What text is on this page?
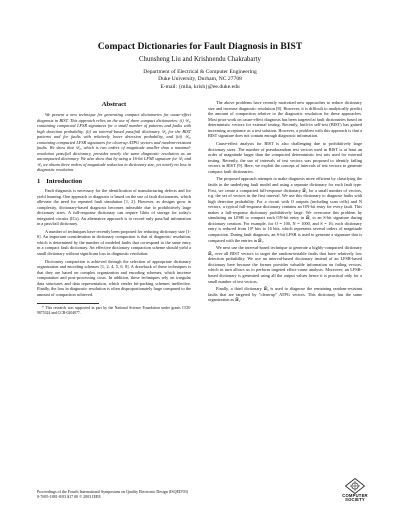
Compact Dictionaries for Fault Diagnosis in BIST
Chunsheng Liu and Krishnendu Chakrabarty
Department of Electrical & Computer Engineering
Duke University, Durham, NC 27708
E-mail: {mlia, krish}@ee.duke.edu
Abstract

We present a new technique for generating compact dictionaries for cause-effect diagnosis in BIST. This approach relies on the use of three compact dictionaries: (i) 𝒟₁, containing compacted LFSR signatures for a small number of patterns and faults with high detection probability, (ii) an interval-based pass/fail dictionary 𝒟₂ for the BIST patterns and for faults with relatively lower detection probability, and (iii) 𝒟₃, containing compacted LFSR signatures for clean-up ATPG vectors and random-resistant faults. We show that 𝒟₂, which is two orders of magnitude smaller than a maximal-resolution pass/fail dictionary, provides nearly the same diagnostic resolution as an uncompacted dictionary. We also show that by using a 16-bit LFSR signature for 𝒟₁ and 𝒟₃ we obtain three orders of magnitude reduction in dictionary size, yet nearly no loss in diagnostic resolution.

1 Introduction

Fault diagnosis is necessary for the identification of manufacturing defects and for yield learning. One approach to diagnosis is based on the use of fault dictionaries, which alleviate the need for repeated fault simulation [1, 2]. However, as designs grow in complexity, dictionary-based diagnosis becomes infeasible due to prohibitively large dictionary sizes. A full-response dictionary can require Gbits of storage for today's integrated circuits (ICs). An alternative approach is to record only pass/fail information in a pass/fail dictionary.

A number of techniques have recently been proposed for reducing dictionary size [1-6]. An important consideration in dictionary compaction is that of diagnostic resolution, which is determined by the number of modeled faults that correspond to the same entry in a compact fault dictionary. An effective dictionary compaction scheme should yield a small dictionary without significant loss in diagnostic resolution.

Dictionary compaction is achieved through the selection of appropriate dictionary organization and encoding schemes [1, 2, 4, 5, 6, 8]. A drawback of these techniques is that they are based on complex organization and encoding schemes, which increase computation and post-processing costs. In addition, these techniques rely on irregular data structures and data representation, which render bit-packing schemes ineffective. Finally, the loss in diagnostic resolution is often disproportionately large compared to the amount of compaction achieved.

* This research was supported in part by the National Science Foundation under grants CCR-9875324 and CCR-0204077.

The above problems have recently motivated new approaches to reduce dictionary size and increase diagnostic resolution [8]. However, it is difficult to analytically predict the amount of compaction relative to the diagnostic resolution for these approaches. Most prior work on cause-effect diagnosis has been targeted at fault dictionaries based on deterministic vectors for external testing. Recently, built-in self-test (BIST) has gained increasing acceptance as a test solution. However, a problem with this approach is that a BIST signature does not contain enough diagnostic information.

Cause-effect analysis for BIST is also challenging due to prohibitively large dictionary sizes. The number of pseudorandom test vectors used in BIST is at least an order of magnitude larger than the compacted deterministic test sets used for external testing. Recently, the use of intervals of test vectors was proposed to identify failing vectors in BIST [9]. Here, we exploit the concept of intervals of test vectors to generate compact fault dictionaries.

The proposed approach attempts to make diagnosis more efficient by classifying the faults in the underlying fault model and using a separate dictionary for each fault type. First, we create a compacted full-response dictionary 𝒟₁ for a small number of vectors, e.g. the set of vectors in the first interval. We use this dictionary to diagnose faults with high detection probability. For a circuit with O outputs (including scan cells) and N vectors, a typical full-response dictionary contains an ON-bit entry for every fault. This makes a full-response dictionary prohibitively large. We overcome this problem by simulating an LFSR to compact each ON-bit entry in 𝒟₁ to an S-bit signature during dictionary creation. For example, for O = 100, N = 1000, and S = 16, each dictionary entry is reduced from 10⁵ bits to 16 bits, which represents several orders of magnitude compaction. During fault diagnosis, an S-bit LFSR is used to generate a signature that is compared with the entries in 𝒟₁.

We next use the interval-based technique to generate a highly-compacted dictionary 𝒟₂ over all BIST vectors to target the random-testable faults that have relatively low detection probability. We use an interval-based dictionary instead of an LFSR-based dictionary here because the former provides valuable information on failing vectors, which in turn allows us to perform targeted effect-cause analysis. Moreover, an LFSR-based dictionary is generated using all the output values hence it is practical only for a small number of test vectors.

Finally, a third dictionary 𝒟₃ is used to diagnose the remaining random-resistant faults that are targeted by "clean-up" ATPG vectors. This dictionary has the same organization as 𝒟₁.

Proceedings of the Fourth International Symposium on Quality Electronic Design (ISQED'03)
0-7695-1881-8/03 $17.00 © 2003 IEEE	COMPUTER
SOCIETY
